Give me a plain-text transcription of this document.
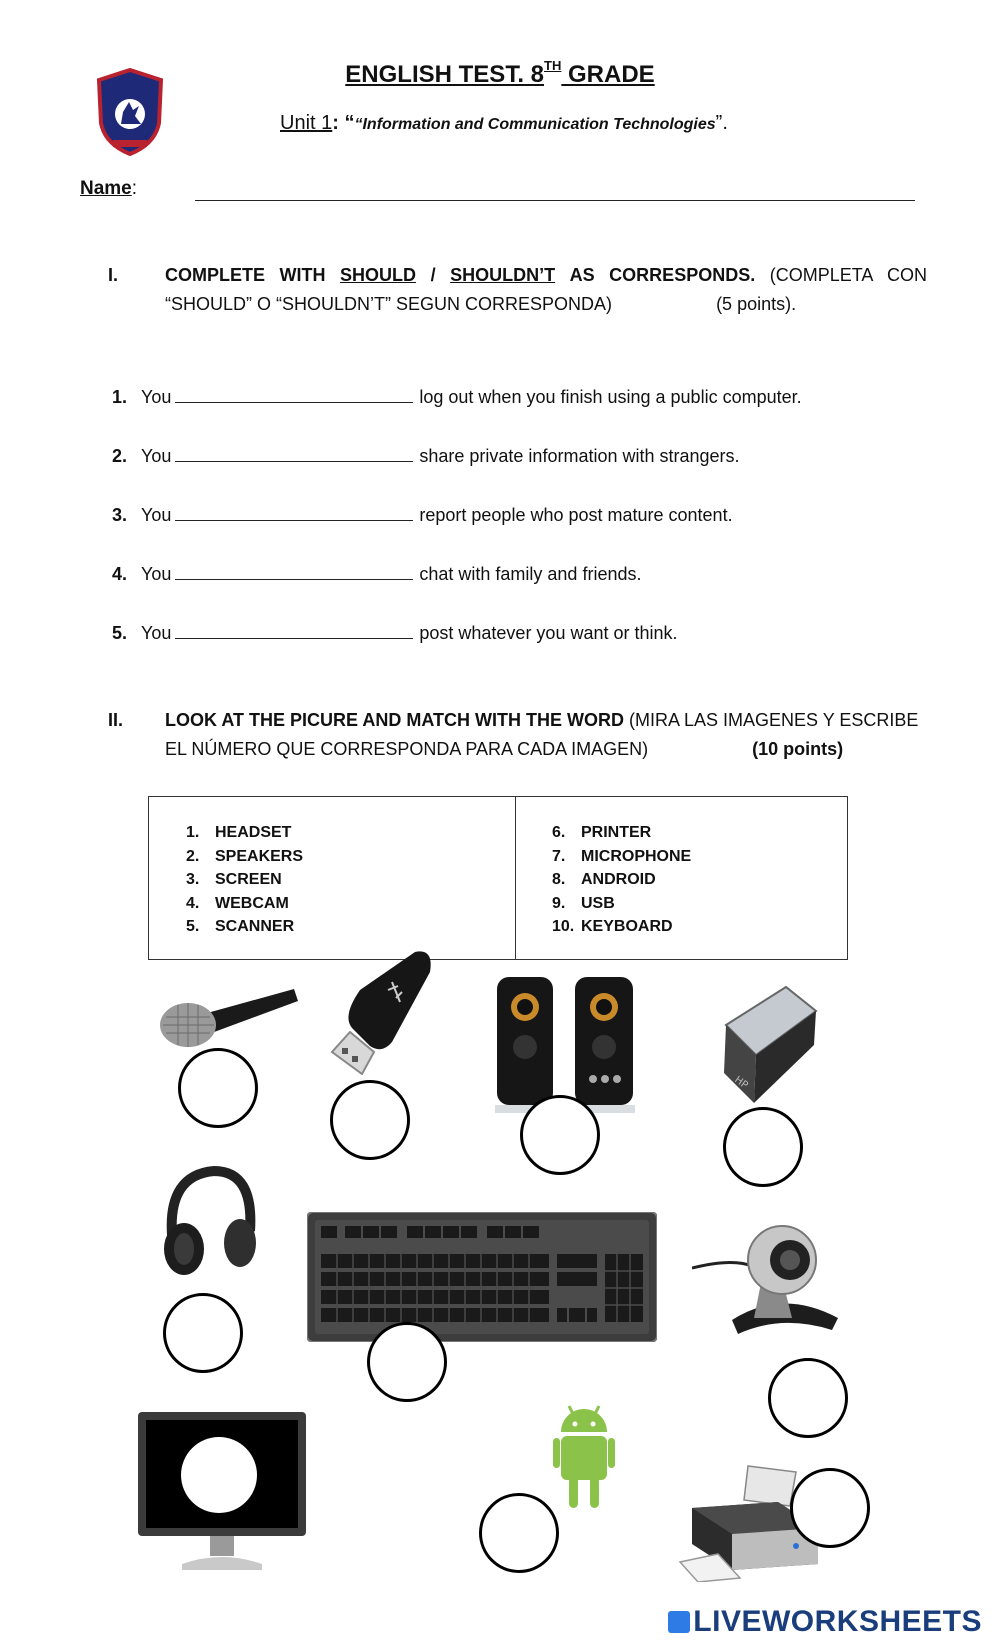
ENGLISH TEST. 8TH GRADE
Unit 1: ““Information and Communication Technologies”.
Name:
I.	COMPLETE WITH SHOULD / SHOULDN’T AS CORRESPONDS. (COMPLETA CON “SHOULD” O “SHOULDN’T” SEGUN CORRESPONDA)	(5 points).
1. You	log out when you finish using a public computer.
2. You	share private information with strangers.
3. You	report people who post mature content.
4. You	chat with family and friends.
5. You	post whatever you want or think.
II. LOOK AT THE PICURE AND MATCH WITH THE WORD (MIRA LAS IMAGENES Y ESCRIBE EL NÚMERO QUE CORRESPONDA PARA CADA IMAGEN)	(10 points)
1. HEADSET
2. SPEAKERS
3. SCREEN
4. WEBCAM
5. SCANNER
6. PRINTER
7. MICROPHONE
8. ANDROID
9. USB
10. KEYBOARD
HP
LIVEWORKSHEETS
